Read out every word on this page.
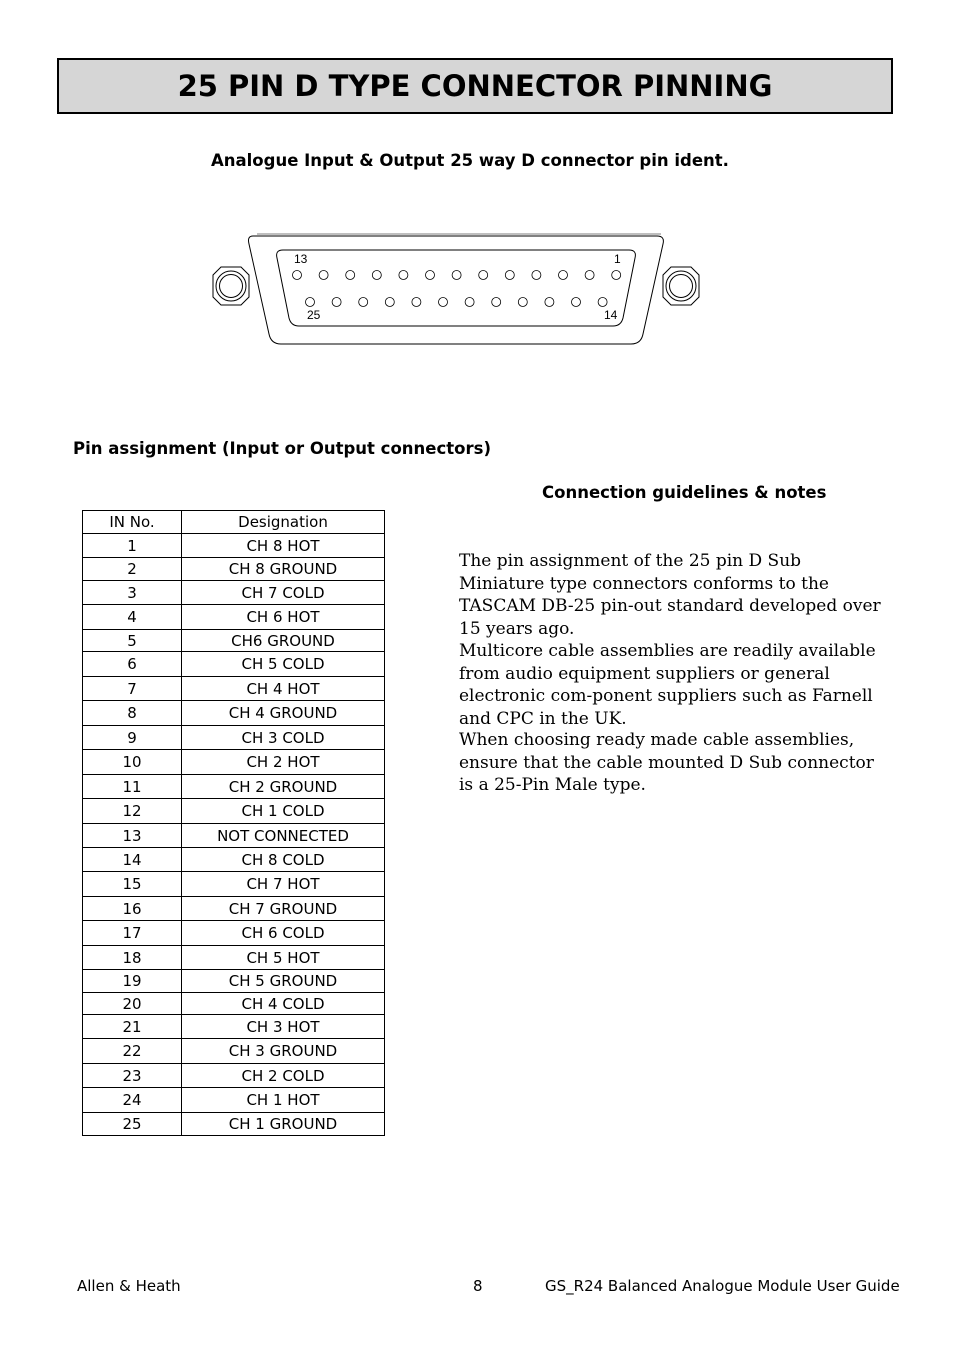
25 PIN D TYPE CONNECTOR PINNING
Analogue Input & Output 25 way D connector pin ident.
13	1
25	14
Pin assignment (Input or Output connectors)
IN No.	Designation
1	CH 8 HOT
2	CH 8 GROUND
3	CH 7 COLD
4	CH 6 HOT
5	CH6 GROUND
6	CH 5 COLD
7	CH 4 HOT
8	CH 4 GROUND
9	CH 3 COLD
10	CH 2 HOT
11	CH 2 GROUND
12	CH 1 COLD
13	NOT CONNECTED
14	CH 8 COLD
15	CH 7 HOT
16	CH 7 GROUND
17	CH 6 COLD
18	CH 5 HOT
19	CH 5 GROUND
20	CH 4 COLD
21	CH 3 HOT
22	CH 3 GROUND
23	CH 2 COLD
24	CH 1 HOT
25	CH 1 GROUND
Connection guidelines & notes

The pin assignment of the 25 pin D Sub Miniature type connectors conforms to the TASCAM DB-25 pin-out standard developed over 15 years ago.

Multicore cable assemblies are readily available from audio equipment suppliers or general electronic com-ponent suppliers such as Farnell and CPC in the UK.

When choosing ready made cable assemblies, ensure that the cable mounted D Sub connector is a 25-Pin Male type.

Allen & Heath	8	GS_R24 Balanced Analogue Module User Guide
